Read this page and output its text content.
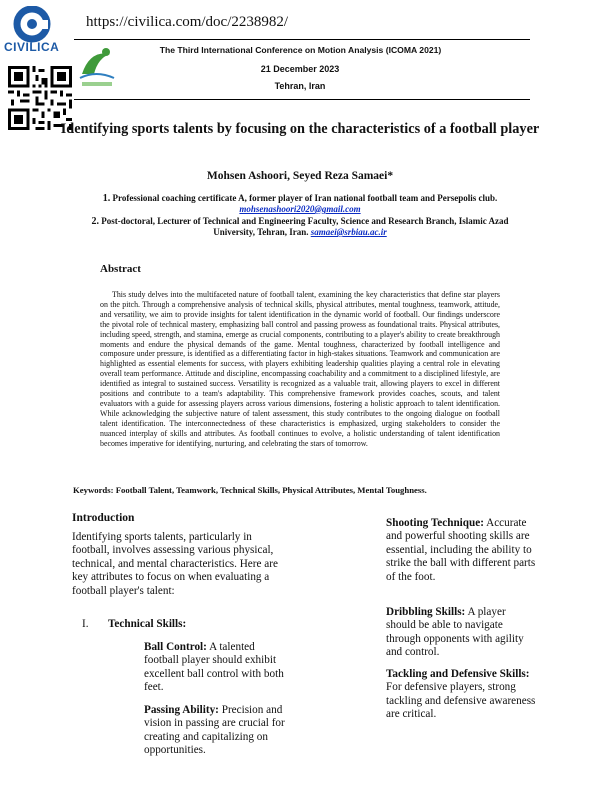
CIVILICA
https://civilica.com/doc/2238982/
The Third International Conference on Motion Analysis (ICOMA 2021)
21 December 2023
Tehran, Iran
Identifying sports talents by focusing on the characteristics of a football player
Mohsen Ashoori, Seyed Reza Samaei*
1. Professional coaching certificate A, former player of Iran national football team and Persepolis club.
mohsenashoori2020@gmail.com
2. Post-doctoral, Lecturer of Technical and Engineering Faculty, Science and Research Branch, Islamic Azad University, Tehran, Iran. samaei@srbiau.ac.ir
Abstract
This study delves into the multifaceted nature of football talent, examining the key characteristics that define star players on the pitch. Through a comprehensive analysis of technical skills, physical attributes, mental toughness, teamwork, attitude, and versatility, we aim to provide insights for talent identification in the dynamic world of football. Our findings underscore the pivotal role of technical mastery, emphasizing ball control and passing prowess as foundational traits. Physical attributes, including speed, strength, and stamina, emerge as crucial components, contributing to a player's ability to create breakthrough moments and endure the physical demands of the game. Mental toughness, characterized by football intelligence and composure under pressure, is identified as a differentiating factor in high-stakes situations. Teamwork and communication are highlighted as essential elements for success, with players exhibiting leadership qualities playing a central role in elevating overall team performance. Attitude and discipline, encompassing coachability and a commitment to a disciplined lifestyle, are identified as integral to sustained success. Versatility is recognized as a valuable trait, allowing players to excel in different positions and contribute to a team's adaptability. This comprehensive framework provides coaches, scouts, and talent evaluators with a guide for assessing players across various dimensions, fostering a holistic approach to talent identification. While acknowledging the subjective nature of talent assessment, this study contributes to the ongoing dialogue on football talent identification. The interconnectedness of these characteristics is emphasized, urging stakeholders to consider the nuanced interplay of skills and attributes. As football continues to evolve, a holistic understanding of talent identification becomes imperative for identifying, nurturing, and celebrating the stars of tomorrow.
Keywords: Football Talent, Teamwork, Technical Skills, Physical Attributes, Mental Toughness.
Introduction
Identifying sports talents, particularly in football, involves assessing various physical, technical, and mental characteristics. Here are key attributes to focus on when evaluating a football player's talent:
I. Technical Skills:
Ball Control: A talented football player should exhibit excellent ball control with both feet.
Passing Ability: Precision and vision in passing are crucial for creating and capitalizing on opportunities.
Shooting Technique: Accurate and powerful shooting skills are essential, including the ability to strike the ball with different parts of the foot.
Dribbling Skills: A player should be able to navigate through opponents with agility and control.
Tackling and Defensive Skills: For defensive players, strong tackling and defensive awareness are critical.
